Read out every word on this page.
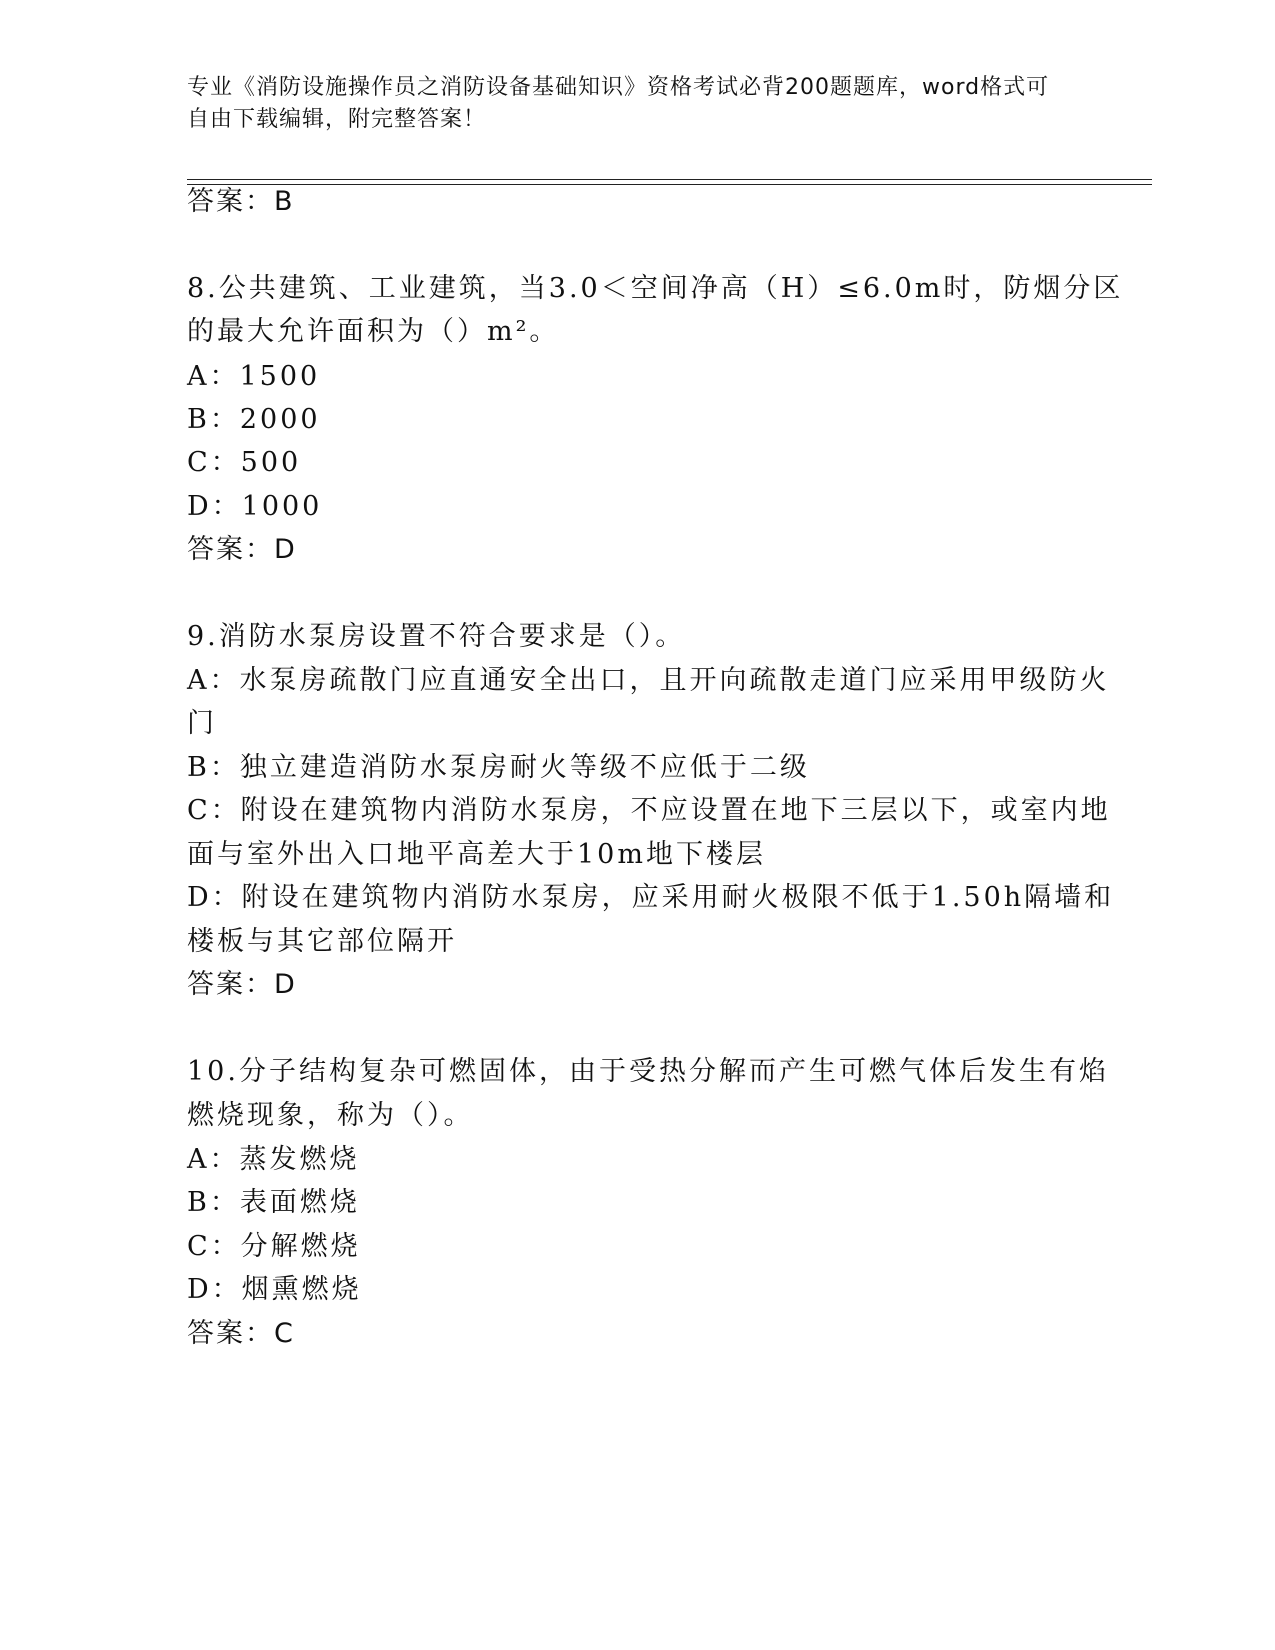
专业《消防设施操作员之消防设备基础知识》资格考试必背200题题库，word格式可自由下载编辑，附完整答案！
答案：B
8.公共建筑、工业建筑，当3.0＜空间净高（H）≤6.0m时，防烟分区
的最大允许面积为（）m²。
A：1500
B：2000
C：500
D：1000
答案：D
9.消防水泵房设置不符合要求是（）。
A：水泵房疏散门应直通安全出口，且开向疏散走道门应采用甲级防火
门
B：独立建造消防水泵房耐火等级不应低于二级
C：附设在建筑物内消防水泵房，不应设置在地下三层以下，或室内地
面与室外出入口地平高差大于10m地下楼层
D：附设在建筑物内消防水泵房，应采用耐火极限不低于1.50h隔墙和
楼板与其它部位隔开
答案：D
10.分子结构复杂可燃固体，由于受热分解而产生可燃气体后发生有焰
燃烧现象，称为（）。
A：蒸发燃烧
B：表面燃烧
C：分解燃烧
D：烟熏燃烧
答案：C
